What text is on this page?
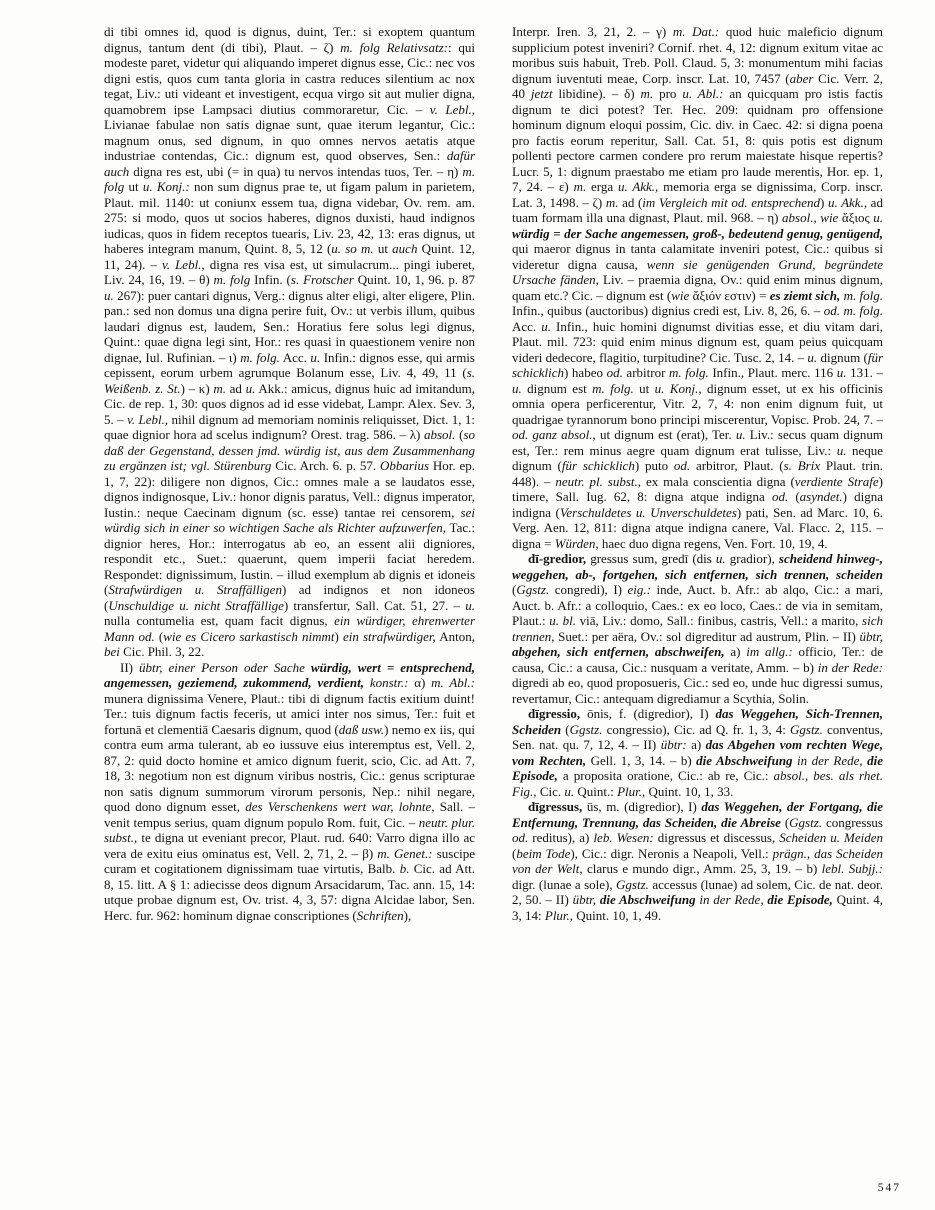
di tibi omnes id, quod is dignus, duint, Ter.: si exoptem quantum dignus, tantum dent (di tibi), Plaut. – ζ) m. folg Relativsatz:: qui modeste paret, videtur qui aliquando imperet dignus esse, Cic.: nec vos digni estis, quos cum tanta gloria in castra reduces silentium ac nox tegat, Liv.: uti videant et investigent, ecqua virgo sit aut mulier digna, quamobrem ipse Lampsaci diutius commoraretur, Cic. – v. Lebl., Livianae fabulae non satis dignae sunt, quae iterum legantur, Cic.: magnum onus, sed dignum, in quo omnes nervos aetatis atque industriae contendas, Cic.: dignum est, quod observes, Sen.: dafür auch digna res est, ubi (= in qua) tu nervos intendas tuos, Ter. – η) m. folg ut u. Konj.: non sum dignus prae te, ut figam palum in parietem, Plaut. mil. 1140: ut coniunx essem tua, digna videbar, Ov. rem. am. 275: si modo, quos ut socios haberes, dignos duxisti, haud indignos iudicas, quos in fidem receptos tuearis, Liv. 23, 42, 13: eras dignus, ut haberes integram manum, Quint. 8, 5, 12 (u. so m. ut auch Quint. 12, 11, 24). – v. Lebl., digna res visa est, ut simulacrum... pingi iuberet, Liv. 24, 16, 19. – θ) m. folg Infin. (s. Frotscher Quint. 10, 1, 96. p. 87 u. 267): puer cantari dignus, Verg.: dignus alter eligi, alter eligere, Plin. pan.: sed non domus una digna perire fuit, Ov.: ut verbis illum, quibus laudari dignus est, laudem, Sen.: Horatius fere solus legi dignus, Quint.: quae digna legi sint, Hor.: res quasi in quaestionem venire non dignae, Iul. Rufinian. – ι) m. folg. Acc. u. Infin.: dignos esse, qui armis cepissent, eorum urbem agrumque Bolanum esse, Liv. 4, 49, 11 (s. Weißenb. z. St.) – κ) m. ad u. Akk.: amicus, dignus huic ad imitandum, Cic. de rep. 1, 30: quos dignos ad id esse videbat, Lampr. Alex. Sev. 3, 5. – v. Lebl., nihil dignum ad memoriam nominis reliquisset, Dict. 1, 1: quae dignior hora ad scelus indignum? Orest. trag. 586. – λ) absol. (so daß der Gegenstand, dessen jmd. würdig ist, aus dem Zusammenhang zu ergänzen ist; vgl. Stürenburg Cic. Arch. 6. p. 57. Obbarius Hor. ep. 1, 7, 22): diligere non dignos, Cic.: omnes male a se laudatos esse, dignos indignosque, Liv.: honor dignis paratus, Vell.: dignus imperator, Iustin.: neque Caecinam dignum (sc. esse) tantae rei censorem, sei würdig sich in einer so wichtigen Sache als Richter aufzuwerfen, Tac.: dignior heres, Hor.: interrogatus ab eo, an essent alii digniores, respondit etc., Suet.: quaerunt, quem imperii faciat heredem. Respondet: dignissimum, Iustin. – illud exemplum ab dignis et idoneis (Strafwürdigen u. Straffälligen) ad indignos et non idoneos (Unschuldige u. nicht Straffällige) transfertur, Sall. Cat. 51, 27. – u. nulla contumelia est, quam facit dignus, ein würdiger, ehrenwerter Mann od. (wie es Cicero sarkastisch nimmt) ein strafwürdiger, Anton, bei Cic. Phil. 3, 22.

II) übtr, einer Person oder Sache würdig, wert = entsprechend, angemessen, geziemend, zukommend, verdient, konstr.: α) m. Abl.: munera dignissima Venere, Plaut.: tibi di dignum factis exitium duint! Ter.: tuis dignum factis feceris, ut amici inter nos simus, Ter.: fuit et fortunā et clementiā Caesaris dignum, quod (daß usw.) nemo ex iis, qui contra eum arma tulerant, ab eo iussuve eius interemptus est, Vell. 2, 87, 2: quid docto homine et amico dignum fuerit, scio, Cic. ad Att. 7, 18, 3: negotium non est dignum viribus nostris, Cic.: genus scripturae non satis dignum summorum virorum personis, Nep.: nihil negare, quod dono dignum esset, des Verschenkens wert war, lohnte, Sall. – venit tempus serius, quam dignum populo Rom. fuit, Cic. – neutr. plur. subst., te digna ut eveniant precor, Plaut. rud. 640: Varro digna illo ac vera de exitu eius ominatus est, Vell. 2, 71, 2. – β) m. Genet.: suscipe curam et cogitationem dignissimam tuae virtutis, Balb. b. Cic. ad Att. 8, 15. litt. A § 1: adiecisse deos dignum Arsacidarum, Tac. ann. 15, 14: utque probae dignum est, Ov. trist. 4, 3, 57: digna Alcidae labor, Sen. Herc. fur. 962: hominum dignae conscriptiones (Schriften),

Interpr. Iren. 3, 21, 2. – γ) m. Dat.: quod huic maleficio dignum supplicium potest inveniri? Cornif. rhet. 4, 12: dignum exitum vitae ac moribus suis habuit, Treb. Poll. Claud. 5, 3: monumentum mihi facias dignum iuventuti meae, Corp. inscr. Lat. 10, 7457 (aber Cic. Verr. 2, 40 jetzt libidine). – δ) m. pro u. Abl.: an quicquam pro istis factis dignum te dici potest? Ter. Hec. 209: quidnam pro offensione hominum dignum eloqui possim, Cic. div. in Caec. 42: si digna poena pro factis eorum reperitur, Sall. Cat. 51, 8: quis potis est dignum pollenti pectore carmen condere pro rerum maiestate hisque repertis? Lucr. 5, 1: dignum praestabo me etiam pro laude merentis, Hor. ep. 1, 7, 24. – ε) m. erga u. Akk., memoria erga se dignissima, Corp. inscr. Lat. 3, 1498. – ζ) m. ad (im Vergleich mit od. entsprechend) u. Akk., ad tuam formam illa una dignast, Plaut. mil. 968. – η) absol., wie ἄξιος u. würdig = der Sache angemessen, groß-, bedeutend genug, genügend, qui maeror dignus in tanta calamitate inveniri potest, Cic.: quibus si videretur digna causa, wenn sie genügenden Grund, begründete Ursache fänden, Liv. – praemia digna, Ov.: quid enim minus dignum, quam etc.? Cic. – dignum est (wie ἄξιόν εστιν) = es ziemt sich, m. folg. Infin., quibus (auctoribus) dignius credi est, Liv. 8, 26, 6. – od. m. folg. Acc. u. Infin., huic homini dignumst divitias esse, et diu vitam dari, Plaut. mil. 723: quid enim minus dignum est, quam peius quicquam videri dedecore, flagitio, turpitudine? Cic. Tusc. 2, 14. – u. dignum (für schicklich) habeo od. arbitror m. folg. Infin., Plaut. merc. 116 u. 131. – u. dignum est m. folg. ut u. Konj., dignum esset, ut ex his officinis omnia opera perficerentur, Vitr. 2, 7, 4: non enim dignum fuit, ut quadrigae tyrannorum bono principi miscerentur, Vopisc. Prob. 24, 7. – od. ganz absol., ut dignum est (erat), Ter. u. Liv.: secus quam dignum est, Ter.: rem minus aegre quam dignum erat tulisse, Liv.: u. neque dignum (für schicklich) puto od. arbitror, Plaut. (s. Brix Plaut. trin. 448). – neutr. pl. subst., ex mala conscientia digna (verdiente Strafe) timere, Sall. Iug. 62, 8: digna atque indigna od. (asyndet.) digna indigna (Verschuldetes u. Unverschuldetes) pati, Sen. ad Marc. 10, 6. Verg. Aen. 12, 811: digna atque indigna canere, Val. Flacc. 2, 115. – digna = Würden, haec duo digna regens, Ven. Fort. 10, 19, 4.

dī-gredior, gressus sum, gredī (dis u. gradior), scheidend hinweg-, weggehen, ab-, fortgehen, sich entfernen, sich trennen, scheiden (Ggstz. congredi), I) eig.: inde, Auct. b. Afr.: ab alqo, Cic.: a mari, Auct. b. Afr.: a colloquio, Caes.: ex eo loco, Caes.: de via in semitam, Plaut.: u. bl. viā, Liv.: domo, Sall.: finibus, castris, Vell.: a marito, sich trennen, Suet.: per aëra, Ov.: sol digreditur ad austrum, Plin. – II) übtr, abgehen, sich entfernen, abschweifen, a) im allg.: officio, Ter.: de causa, Cic.: a causa, Cic.: nusquam a veritate, Amm. – b) in der Rede: digredi ab eo, quod proposueris, Cic.: sed eo, unde huc digressi sumus, revertamur, Cic.: antequam digrediamur a Scythia, Solin.

dīgressio, ōnis, f. (digredior), I) das Weggehen, Sich-Trennen, Scheiden (Ggstz. congressio), Cic. ad Q. fr. 1, 3, 4: Ggstz. conventus, Sen. nat. qu. 7, 12, 4. – II) übtr: a) das Abgehen vom rechten Wege, vom Rechten, Gell. 1, 3, 14. – b) die Abschweifung in der Rede, die Episode, a proposita oratione, Cic.: ab re, Cic.: absol., bes. als rhet. Fig., Cic. u. Quint.: Plur., Quint. 10, 1, 33.

dīgressus, ūs, m. (digredior), I) das Weggehen, der Fortgang, die Entfernung, Trennung, das Scheiden, die Abreise (Ggstz. congressus od. reditus), a) leb. Wesen: digressus et discessus, Scheiden u. Meiden (beim Tode), Cic.: digr. Neronis a Neapoli, Vell.: prägn., das Scheiden von der Welt, clarus e mundo digr., Amm. 25, 3, 19. – b) lebl. Subjj.: digr. (lunae a sole), Ggstz. accessus (lunae) ad solem, Cic. de nat. deor. 2, 50. – II) übtr, die Abschweifung in der Rede, die Episode, Quint. 4, 3, 14: Plur., Quint. 10, 1, 49.

547
